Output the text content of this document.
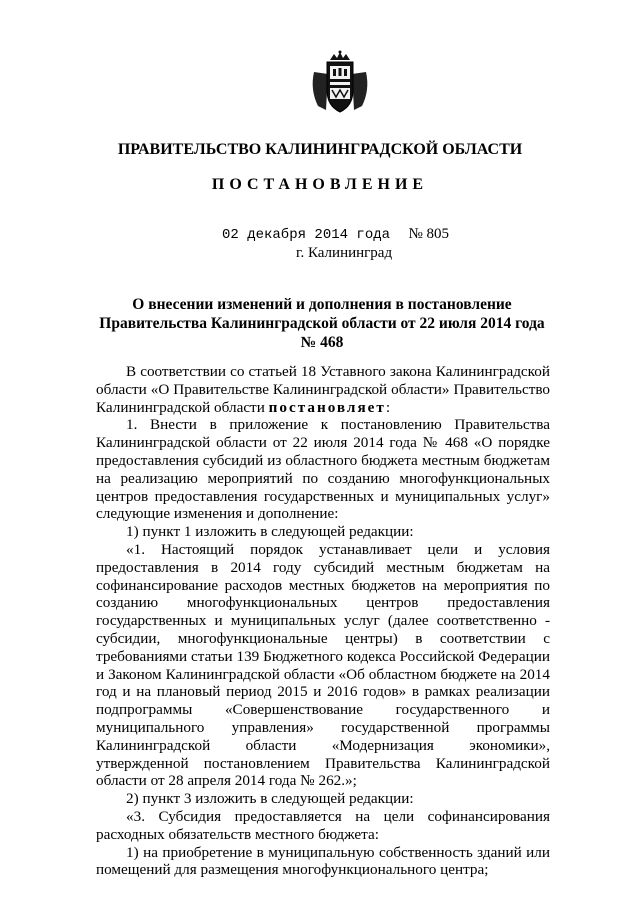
ПРАВИТЕЛЬСТВО КАЛИНИНГРАДСКОЙ ОБЛАСТИ
ПОСТАНОВЛЕНИЕ
02 декабря 2014 года № 805
г. Калининград
О внесении изменений и дополнения в постановление Правительства Калининградской области от 22 июля 2014 года № 468

В соответствии со статьей 18 Уставного закона Калининградской области «О Правительстве Калининградской области» Правительство Калининградской области постановляет:

1. Внести в приложение к постановлению Правительства Калининградской области от 22 июля 2014 года № 468 «О порядке предоставления субсидий из областного бюджета местным бюджетам на реализацию мероприятий по созданию многофункциональных центров предоставления государственных и муниципальных услуг» следующие изменения и дополнение:

1) пункт 1 изложить в следующей редакции:

«1. Настоящий порядок устанавливает цели и условия предоставления в 2014 году субсидий местным бюджетам на софинансирование расходов местных бюджетов на мероприятия по созданию многофункциональных центров предоставления государственных и муниципальных услуг (далее соответственно - субсидии, многофункциональные центры) в соответствии с требованиями статьи 139 Бюджетного кодекса Российской Федерации и Законом Калининградской области «Об областном бюджете на 2014 год и на плановый период 2015 и 2016 годов» в рамках реализации подпрограммы «Совершенствование государственного и муниципального управления» государственной программы Калининградской области «Модернизация экономики», утвержденной постановлением Правительства Калининградской области от 28 апреля 2014 года № 262.»;

2) пункт 3 изложить в следующей редакции:

«3. Субсидия предоставляется на цели софинансирования расходных обязательств местного бюджета:

1) на приобретение в муниципальную собственность зданий или помещений для размещения многофункционального центра;
